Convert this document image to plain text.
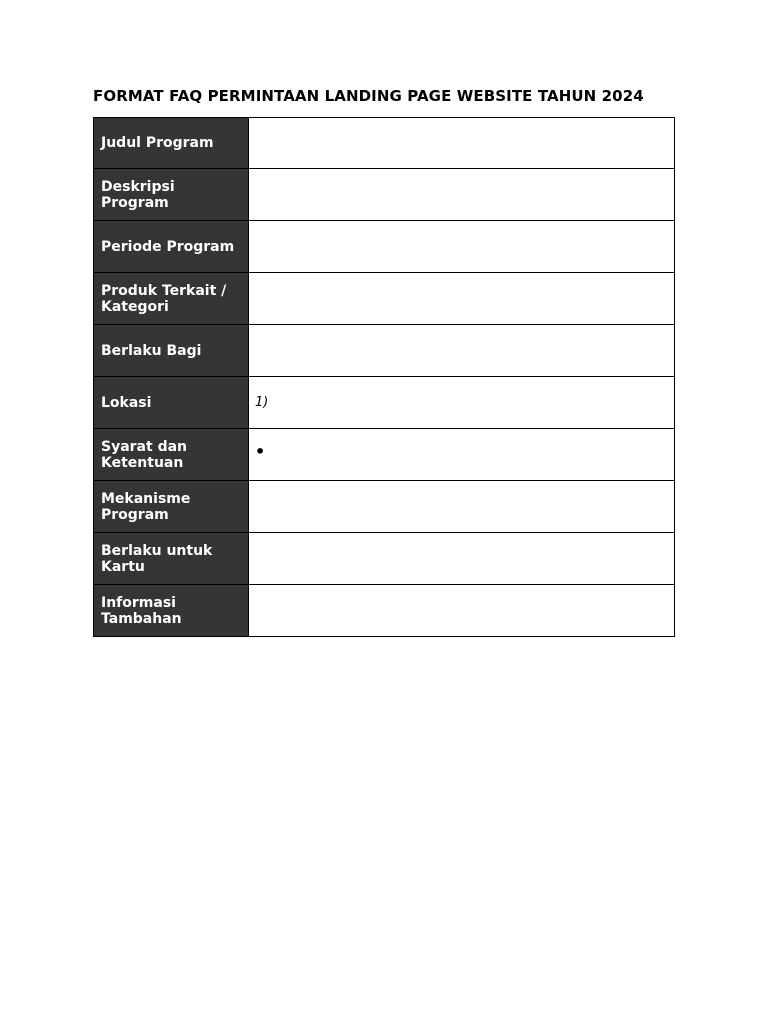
FORMAT FAQ PERMINTAAN LANDING PAGE WEBSITE TAHUN 2024
Judul Program	
Deskripsi Program	
Periode Program	
Produk Terkait / Kategori	
Berlaku Bagi	
Lokasi	1)
Syarat dan Ketentuan	•
Mekanisme Program	
Berlaku untuk Kartu	
Informasi Tambahan	
